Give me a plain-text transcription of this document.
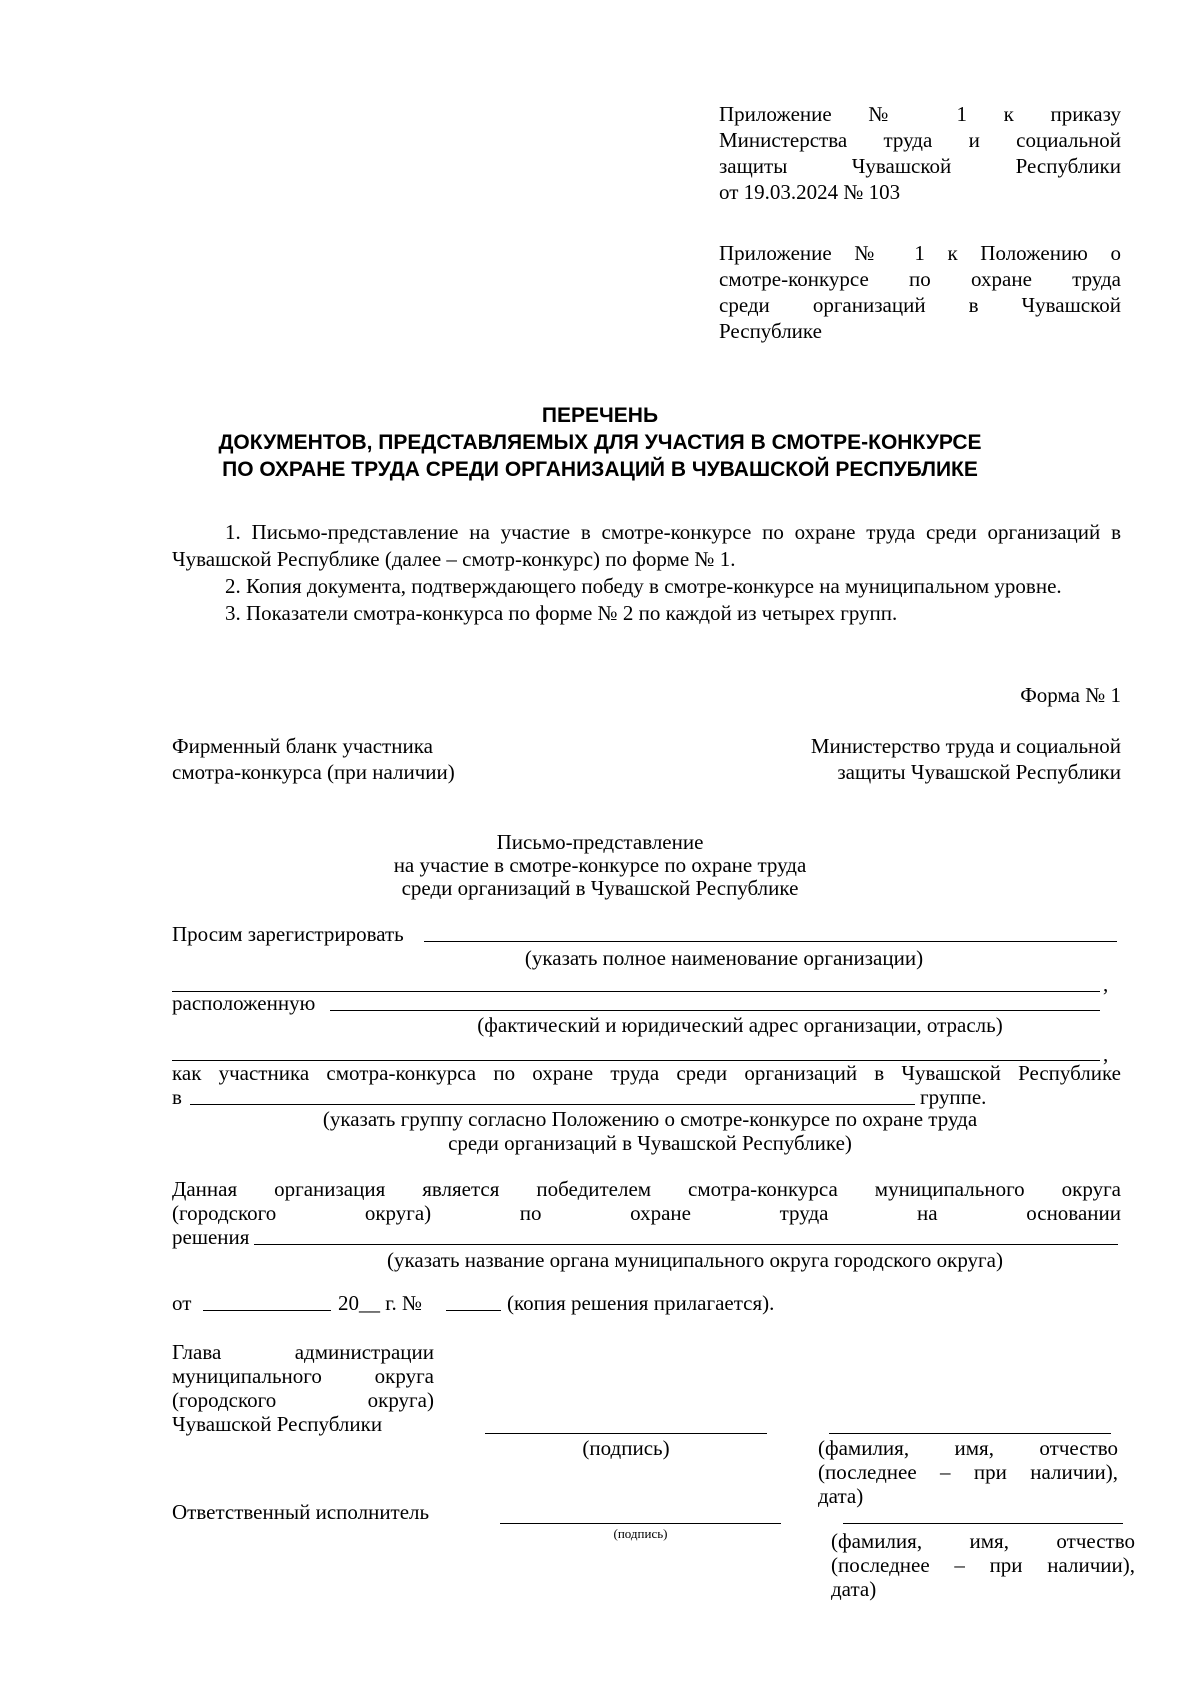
Приложение № 1 к приказу
Министерства труда и социальной
защиты Чувашской Республики
от 19.03.2024 № 103
Приложение № 1 к Положению о
смотре-конкурсе по охране труда
среди организаций в Чувашской
Республике
ПЕРЕЧЕНЬ
ДОКУМЕНТОВ, ПРЕДСТАВЛЯЕМЫХ ДЛЯ УЧАСТИЯ В СМОТРЕ-КОНКУРСЕ
ПО ОХРАНЕ ТРУДА СРЕДИ ОРГАНИЗАЦИЙ В ЧУВАШСКОЙ РЕСПУБЛИКЕ
1. Письмо-представление на участие в смотре-конкурсе по охране труда среди организаций в Чувашской Республике (далее – смотр-конкурс) по форме № 1.
2. Копия документа, подтверждающего победу в смотре-конкурсе на муниципальном уровне.
3. Показатели смотра-конкурса по форме № 2 по каждой из четырех групп.
Форма № 1
Фирменный бланк участника
смотра-конкурса (при наличии)
Министерство труда и социальной
защиты Чувашской Республики
Письмо-представление
на участие в смотре-конкурсе по охране труда
среди организаций в Чувашской Республике
Просим зарегистрировать
(указать полное наименование организации)
,
расположенную
(фактический и юридический адрес организации, отрасль)
,
как участника смотра-конкурса по охране труда среди организаций в Чувашской Республике
в	группе.
(указать группу согласно Положению о смотре-конкурсе по охране труда
среди организаций в Чувашской Республике)
Данная организация является победителем смотра-конкурса муниципального округа
(городского округа) по охране труда на основании
решения
(указать название органа муниципального округа городского округа)
от	20__ г. №	(копия решения прилагается).
Глава администрации
муниципального округа
(городского округа)
Чувашской Республики
(подпись)	(фамилия, имя, отчество
(последнее – при наличии),
дата)
Ответственный исполнитель
(подпись)	(фамилия, имя, отчество
(последнее – при наличии),
дата)
